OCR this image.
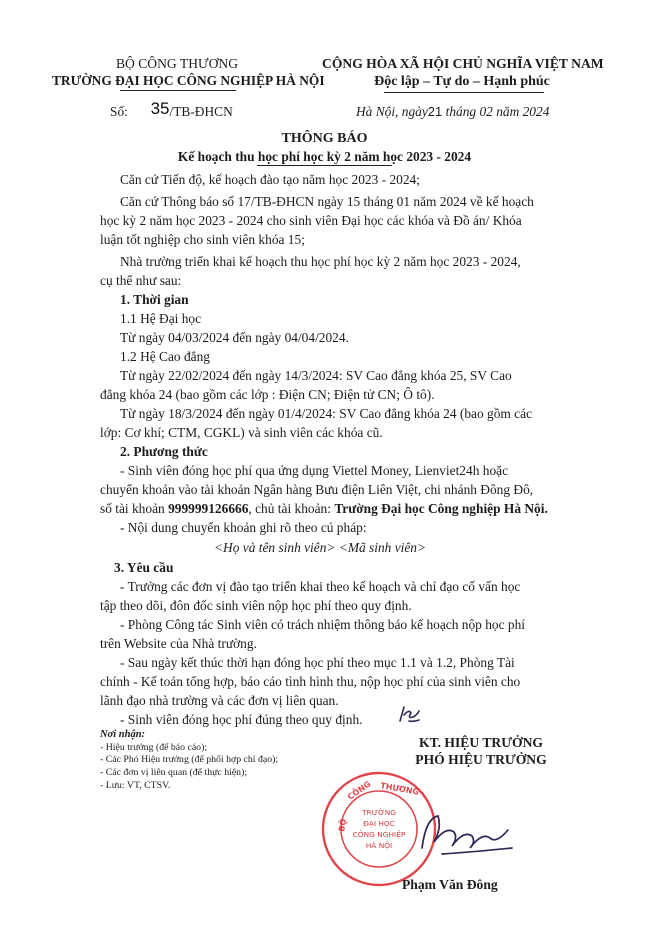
BỘ CÔNG THƯƠNG
TRƯỜNG ĐẠI HỌC CÔNG NGHIỆP HÀ NỘI
CỘNG HÒA XÃ HỘI CHỦ NGHĨA VIỆT NAM
Độc lập – Tự do – Hạnh phúc
Số: 35/TB-ĐHCN	Hà Nội, ngày21 tháng 02 năm 2024
THÔNG BÁO
Kế hoạch thu học phí học kỳ 2 năm học 2023 - 2024
Căn cứ Tiến độ, kế hoạch đào tạo năm học 2023 - 2024;
Căn cứ Thông báo số 17/TB-ĐHCN ngày 15 tháng 01 năm 2024 về kế hoạch
học kỳ 2 năm học 2023 - 2024 cho sinh viên Đại học các khóa và Đồ án/ Khóa
luận tốt nghiệp cho sinh viên khóa 15;
Nhà trường triển khai kế hoạch thu học phí học kỳ 2 năm học 2023 - 2024,
cụ thể như sau:
1. Thời gian
1.1 Hệ Đại học
Từ ngày 04/03/2024 đến ngày 04/04/2024.
1.2 Hệ Cao đẳng
Từ ngày 22/02/2024 đến ngày 14/3/2024: SV Cao đẳng khóa 25, SV Cao
đẳng khóa 24 (bao gồm các lớp : Điện CN; Điện tử CN; Ô tô).
Từ ngày 18/3/2024 đến ngày 01/4/2024: SV Cao đẳng khóa 24 (bao gồm các
lớp: Cơ khí; CTM, CGKL) và sinh viên các khóa cũ.
2. Phương thức
- Sinh viên đóng học phí qua ứng dụng Viettel Money, Lienviet24h hoặc
chuyển khoản vào tài khoản Ngân hàng Bưu điện Liên Việt, chi nhánh Đông Đô,
số tài khoản 999999126666, chủ tài khoản: Trường Đại học Công nghiệp Hà Nội.
- Nội dung chuyển khoản ghi rõ theo cú pháp:
<Họ và tên sinh viên> <Mã sinh viên>
3. Yêu cầu
- Trưởng các đơn vị đào tạo triển khai theo kế hoạch và chỉ đạo cố vấn học
tập theo dõi, đôn đốc sinh viên nộp học phí theo quy định.
- Phòng Công tác Sinh viên có trách nhiệm thông báo kế hoạch nộp học phí
trên Website của Nhà trường.
- Sau ngày kết thúc thời hạn đóng học phí theo mục 1.1 và 1.2, Phòng Tài
chính - Kế toán tổng hợp, báo cáo tình hình thu, nộp học phí của sinh viên cho
lãnh đạo nhà trường và các đơn vị liên quan.
- Sinh viên đóng học phí đúng theo quy định.
Nơi nhận:
- Hiệu trưởng (để báo cáo);
- Các Phó Hiệu trưởng (để phối hợp chỉ đạo);
- Các đơn vị liên quan (để thực hiện);
- Lưu: VT, CTSV.
KT. HIỆU TRƯỞNG
PHÓ HIỆU TRƯỞNG
BỘ
CÔNG THƯƠNG
TRƯỜNG
ĐẠI HỌC
CÔNG NGHIỆP
HÀ NỘI
Phạm Văn Đông
